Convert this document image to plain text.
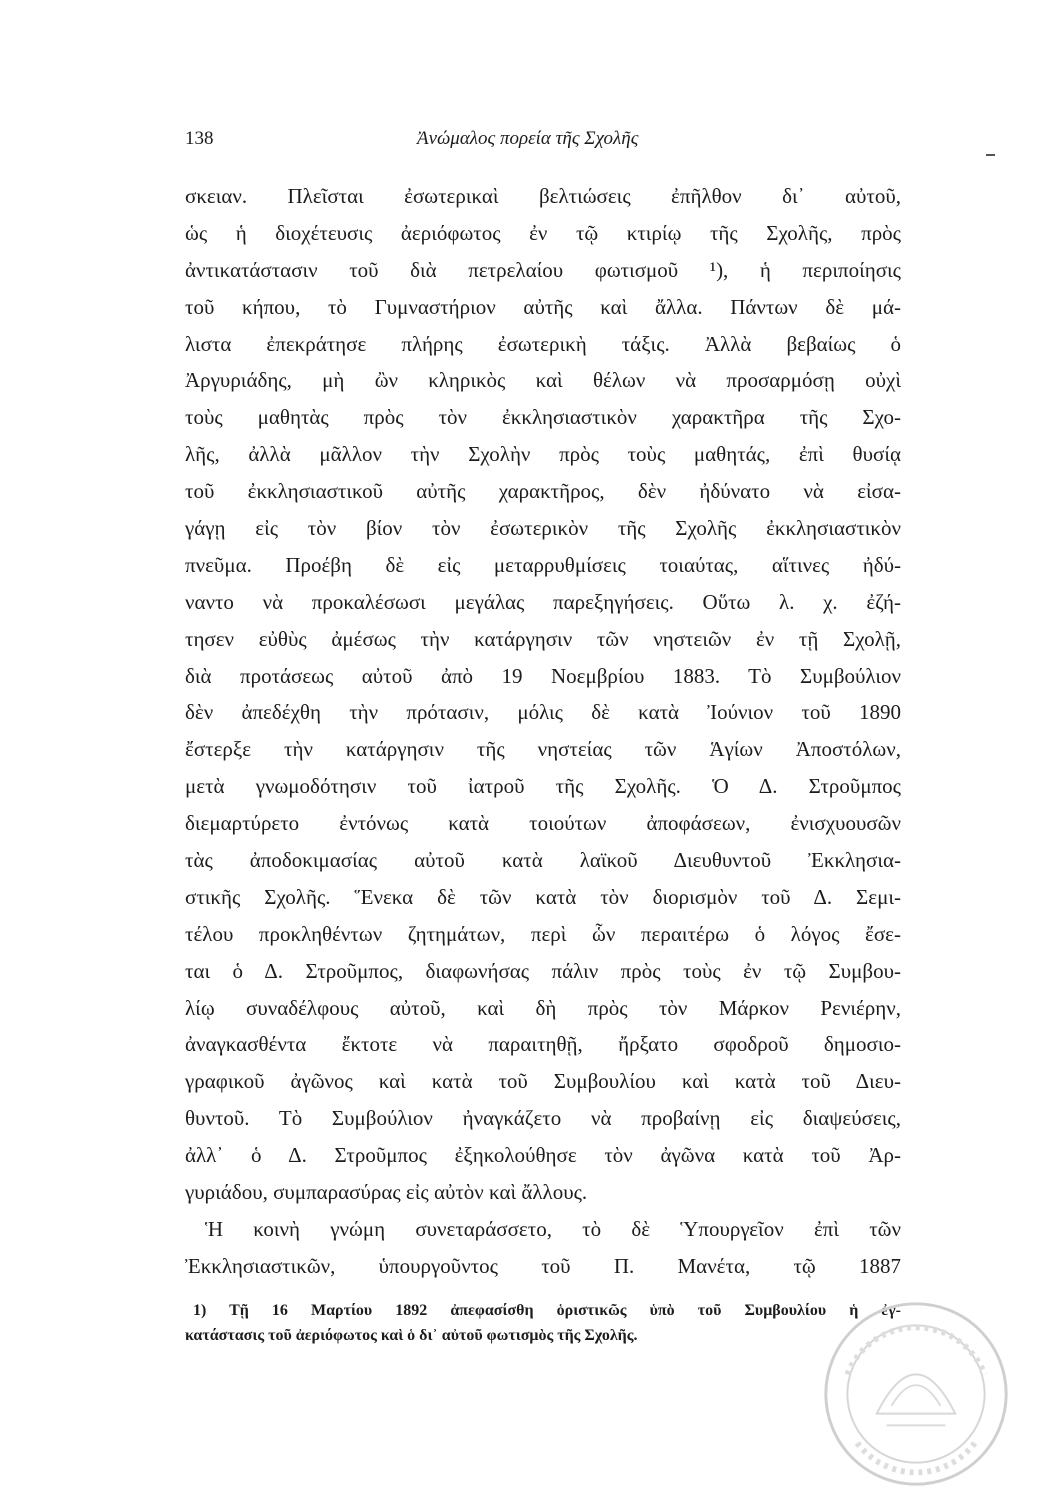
138	Ἀνώμαλος πορεία τῆς Σχολῆς
σκειαν. Πλεῖσται ἐσωτερικαὶ βελτιώσεις ἐπῆλθον δι᾿ αὐτοῦ,
ὡς ἡ διοχέτευσις ἀεριόφωτος ἐν τῷ κτιρίῳ τῆς Σχολῆς, πρὸς
ἀντικατάστασιν τοῦ διὰ πετρελαίου φωτισμοῦ ¹), ἡ περιποίησις
τοῦ κήπου, τὸ Γυμναστήριον αὐτῆς καὶ ἄλλα. Πάντων δὲ μά-
λιστα ἐπεκράτησε πλήρης ἐσωτερικὴ τάξις. Ἀλλὰ βεβαίως ὁ
Ἀργυριάδης, μὴ ὢν κληρικὸς καὶ θέλων νὰ προσαρμόσῃ οὐχὶ
τοὺς μαθητὰς πρὸς τὸν ἐκκλησιαστικὸν χαρακτῆρα τῆς Σχο-
λῆς, ἀλλὰ μᾶλλον τὴν Σχολὴν πρὸς τοὺς μαθητάς, ἐπὶ θυσίᾳ
τοῦ ἐκκλησιαστικοῦ αὐτῆς χαρακτῆρος, δὲν ἠδύνατο νὰ εἰσα-
γάγῃ εἰς τὸν βίον τὸν ἐσωτερικὸν τῆς Σχολῆς ἐκκλησιαστικὸν
πνεῦμα. Προέβη δὲ εἰς μεταρρυθμίσεις τοιαύτας, αἵτινες ἠδύ-
ναντο νὰ προκαλέσωσι μεγάλας παρεξηγήσεις. Οὕτω λ. χ. ἐζή-
τησεν εὐθὺς ἀμέσως τὴν κατάργησιν τῶν νηστειῶν ἐν τῇ Σχολῇ,
διὰ προτάσεως αὐτοῦ ἀπὸ 19 Νοεμβρίου 1883. Τὸ Συμβούλιον
δὲν ἀπεδέχθη τὴν πρότασιν, μόλις δὲ κατὰ Ἰούνιον τοῦ 1890
ἔστερξε τὴν κατάργησιν τῆς νηστείας τῶν Ἁγίων Ἀποστόλων,
μετὰ γνωμοδότησιν τοῦ ἰατροῦ τῆς Σχολῆς. Ὁ Δ. Στροῦμπος
διεμαρτύρετο ἐντόνως κατὰ τοιούτων ἀποφάσεων, ἐνισχυουσῶν
τὰς ἀποδοκιμασίας αὐτοῦ κατὰ λαϊκοῦ Διευθυντοῦ Ἐκκλησια-
στικῆς Σχολῆς. Ἕνεκα δὲ τῶν κατὰ τὸν διορισμὸν τοῦ Δ. Σεμι-
τέλου προκληθέντων ζητημάτων, περὶ ὧν περαιτέρω ὁ λόγος ἔσε-
ται ὁ Δ. Στροῦμπος, διαφωνήσας πάλιν πρὸς τοὺς ἐν τῷ Συμβου-
λίῳ συναδέλφους αὐτοῦ, καὶ δὴ πρὸς τὸν Μάρκον Ρενιέρην,
ἀναγκασθέντα ἔκτοτε νὰ παραιτηθῇ, ἤρξατο σφοδροῦ δημοσιο-
γραφικοῦ ἀγῶνος καὶ κατὰ τοῦ Συμβουλίου καὶ κατὰ τοῦ Διευ-
θυντοῦ. Τὸ Συμβούλιον ἠναγκάζετο νὰ προβαίνῃ εἰς διαψεύσεις,
ἀλλ᾿ ὁ Δ. Στροῦμπος ἐξηκολούθησε τὸν ἀγῶνα κατὰ τοῦ Ἀρ-
γυριάδου, συμπαρασύρας εἰς αὐτὸν καὶ ἄλλους.
Ἡ κοινὴ γνώμη συνεταράσσετο, τὸ δὲ Ὑπουργεῖον ἐπὶ τῶν
Ἐκκλησιαστικῶν, ὑπουργοῦντος τοῦ Π. Μανέτα, τῷ 1887
1) Τῇ 16 Μαρτίου 1892 ἀπεφασίσθη ὁριστικῶς ὑπὸ τοῦ Συμβουλίου ἡ ἐγ-
κατάστασις τοῦ ἀεριόφωτος καὶ ὁ δι᾿ αὐτοῦ φωτισμὸς τῆς Σχολῆς.
